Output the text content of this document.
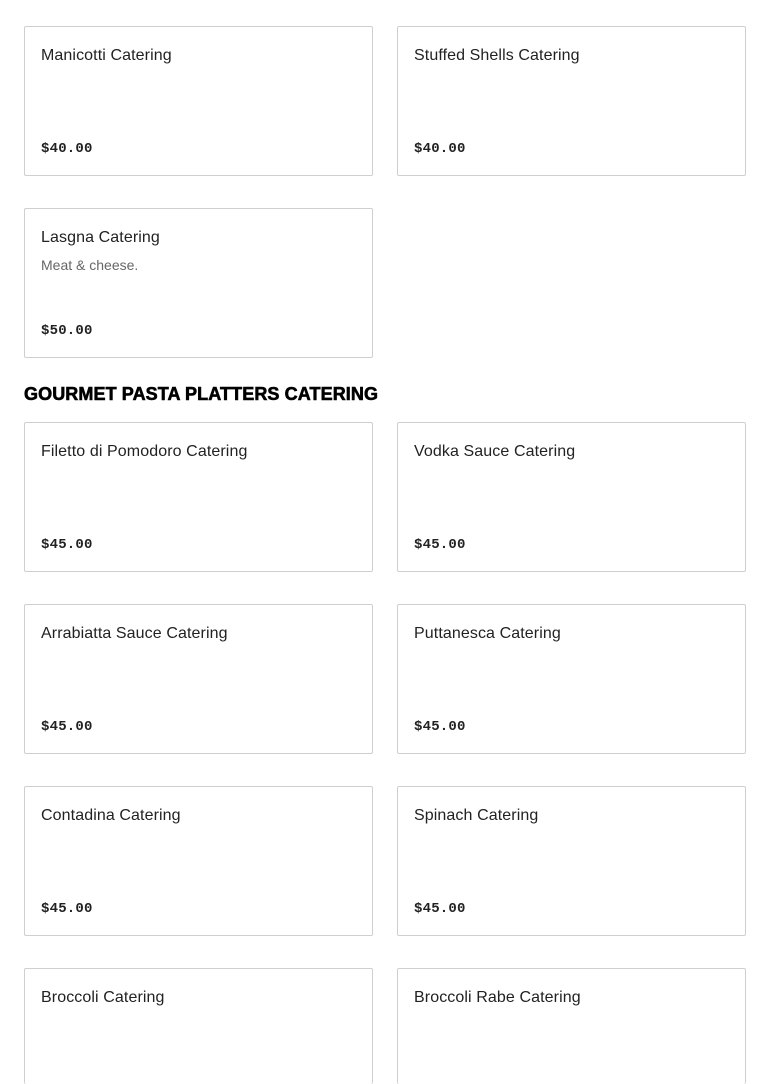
Manicotti Catering
$40.00
Stuffed Shells Catering
$40.00
Lasgna Catering
Meat & cheese.
$50.00
GOURMET PASTA PLATTERS CATERING
Filetto di Pomodoro Catering
$45.00
Vodka Sauce Catering
$45.00
Arrabiatta Sauce Catering
$45.00
Puttanesca Catering
$45.00
Contadina Catering
$45.00
Spinach Catering
$45.00
Broccoli Catering	Broccoli Rabe Catering
